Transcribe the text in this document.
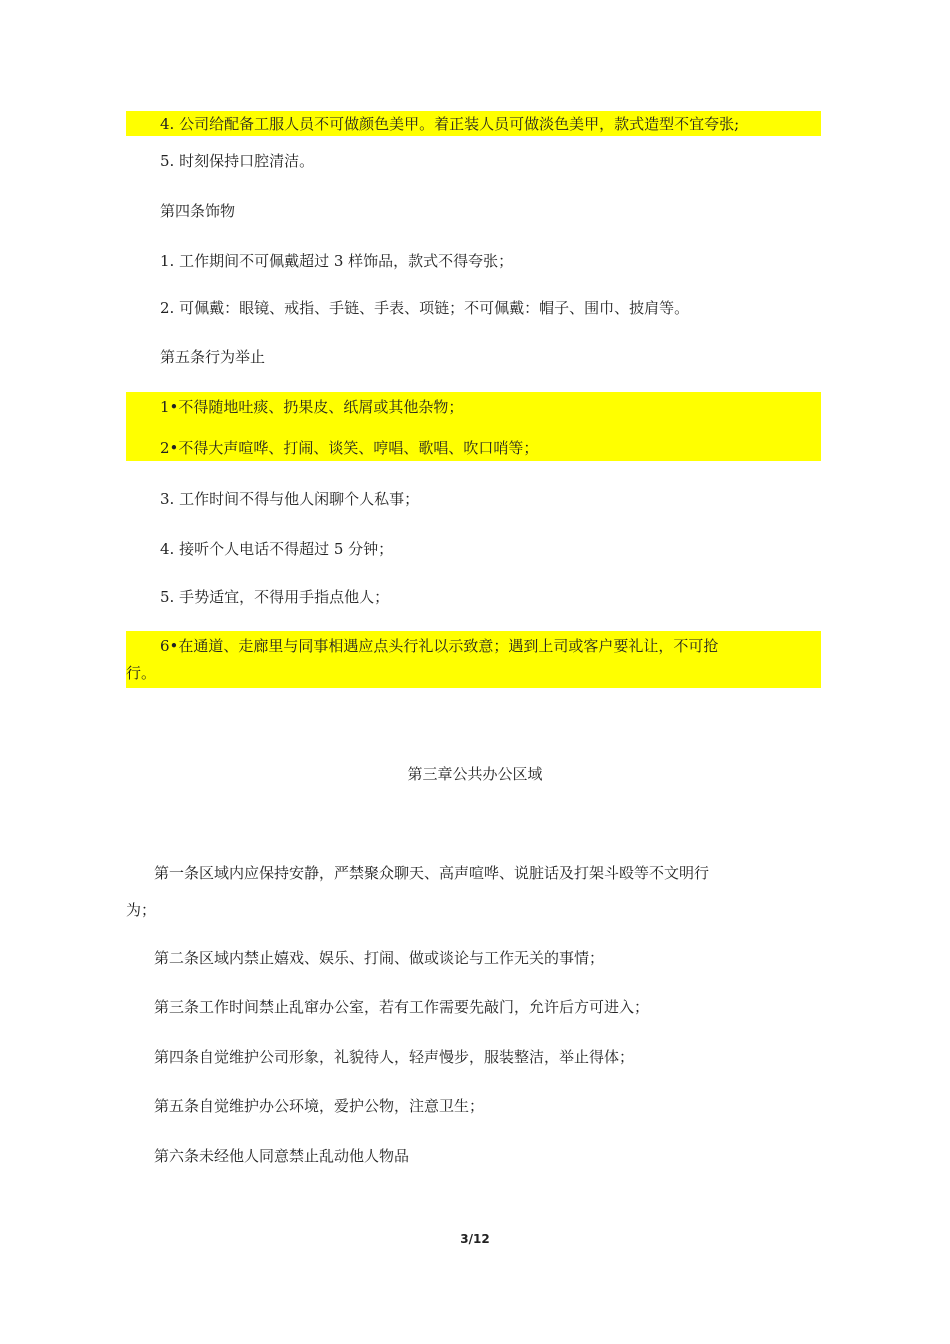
4. 公司给配备工服人员不可做颜色美甲。着正装人员可做淡色美甲，款式造型不宜夸张;
5. 时刻保持口腔清洁。
第四条饰物
1. 工作期间不可佩戴超过 3 样饰品，款式不得夸张；
2. 可佩戴：眼镜、戒指、手链、手表、项链；不可佩戴：帽子、围巾、披肩等。
第五条行为举止
1•不得随地吐痰、扔果皮、纸屑或其他杂物；
2•不得大声喧哗、打闹、谈笑、哼唱、歌唱、吹口哨等；
3. 工作时间不得与他人闲聊个人私事；
4. 接听个人电话不得超过 5 分钟；
5. 手势适宜，不得用手指点他人；
6•在通道、走廊里与同事相遇应点头行礼以示致意；遇到上司或客户要礼让，不可抢
行。
第三章公共办公区域
第一条区域内应保持安静，严禁聚众聊天、高声喧哗、说脏话及打架斗殴等不文明行
为；
第二条区域内禁止嬉戏、娱乐、打闹、做或谈论与工作无关的事情；
第三条工作时间禁止乱窜办公室，若有工作需要先敲门，允许后方可进入；
第四条自觉维护公司形象，礼貌待人，轻声慢步，服装整洁，举止得体；
第五条自觉维护办公环境，爱护公物，注意卫生；
第六条未经他人同意禁止乱动他人物品
3/12
